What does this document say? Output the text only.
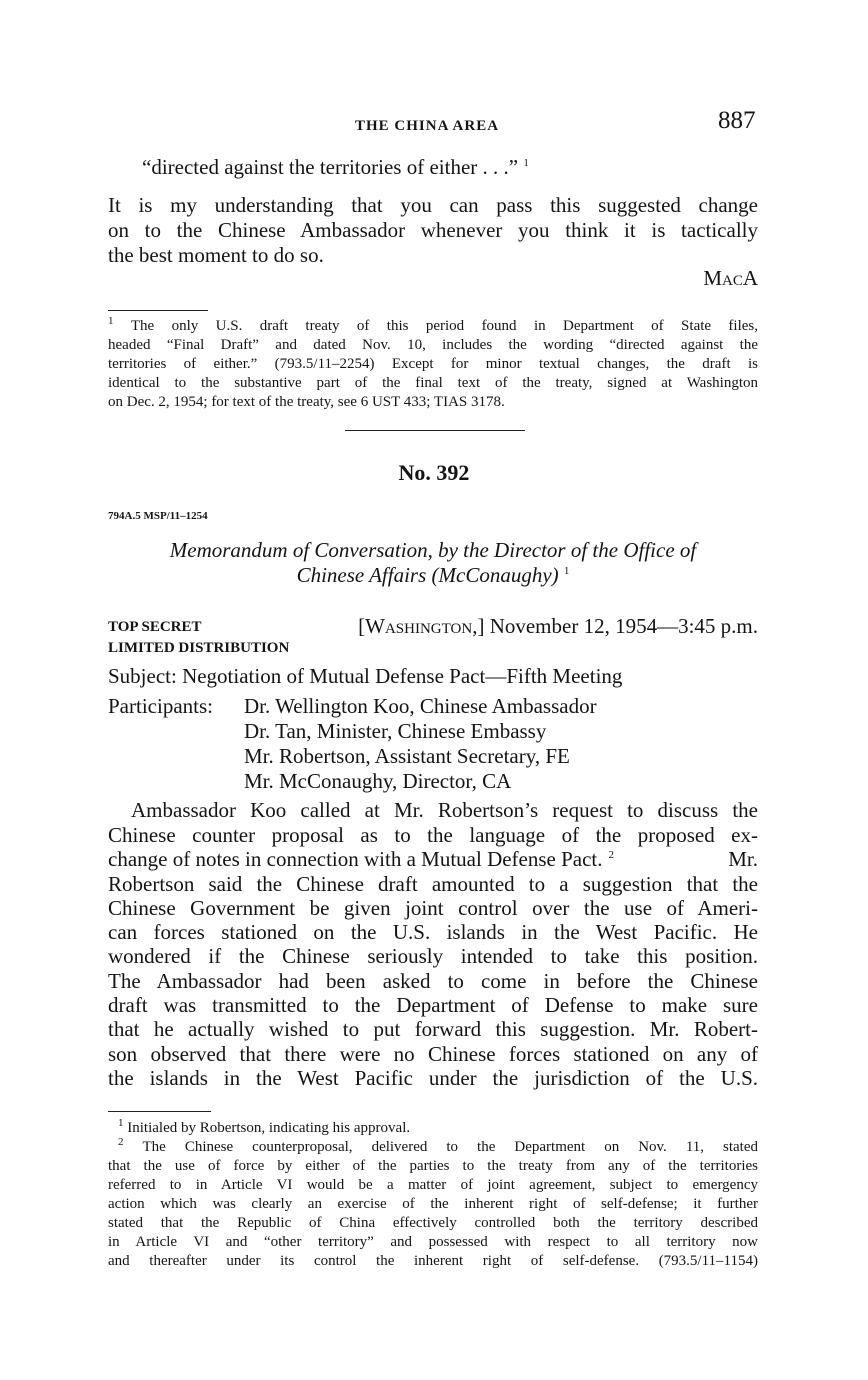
THE CHINA AREA	887
“directed against the territories of either . . .” $^1$
It is my understanding that you can pass this suggested change
on to the Chinese Ambassador whenever you think it is tactically
the best moment to do so.
MacA
$^1$ The only U.S. draft treaty of this period found in Department of State files,
headed “Final Draft” and dated Nov. 10, includes the wording “directed against the
territories of either.” (793.5/11–2254) Except for minor textual changes, the draft is
identical to the substantive part of the final text of the treaty, signed at Washington
on Dec. 2, 1954; for text of the treaty, see 6 UST 433; TIAS 3178.
No. 392
794A.5 MSP/11–1254
Memorandum of Conversation, by the Director of the Office of
Chinese Affairs (McConaughy) $^1$
TOP SECRET
LIMITED DISTRIBUTION
[Washington,] November 12, 1954—3:45 p.m.
Subject: Negotiation of Mutual Defense Pact—Fifth Meeting
Participants: Dr. Wellington Koo, Chinese Ambassador
Dr. Tan, Minister, Chinese Embassy
Mr. Robertson, Assistant Secretary, FE
Mr. McConaughy, Director, CA
Ambassador Koo called at Mr. Robertson’s request to discuss the
Chinese counter proposal as to the language of the proposed ex-
change of notes in connection with a Mutual Defense Pact. $^2$	Mr.
Robertson said the Chinese draft amounted to a suggestion that the
Chinese Government be given joint control over the use of Ameri-
can forces stationed on the U.S. islands in the West Pacific. He
wondered if the Chinese seriously intended to take this position.
The Ambassador had been asked to come in before the Chinese
draft was transmitted to the Department of Defense to make sure
that he actually wished to put forward this suggestion. Mr. Robert-
son observed that there were no Chinese forces stationed on any of
the islands in the West Pacific under the jurisdiction of the U.S.
$^1$ Initialed by Robertson, indicating his approval.
$^2$ The Chinese counterproposal, delivered to the Department on Nov. 11, stated
that the use of force by either of the parties to the treaty from any of the territories
referred to in Article VI would be a matter of joint agreement, subject to emergency
action which was clearly an exercise of the inherent right of self-defense; it further
stated that the Republic of China effectively controlled both the territory described
in Article VI and “other territory” and possessed with respect to all territory now
and thereafter under its control the inherent right of self-defense. (793.5/11–1154)
